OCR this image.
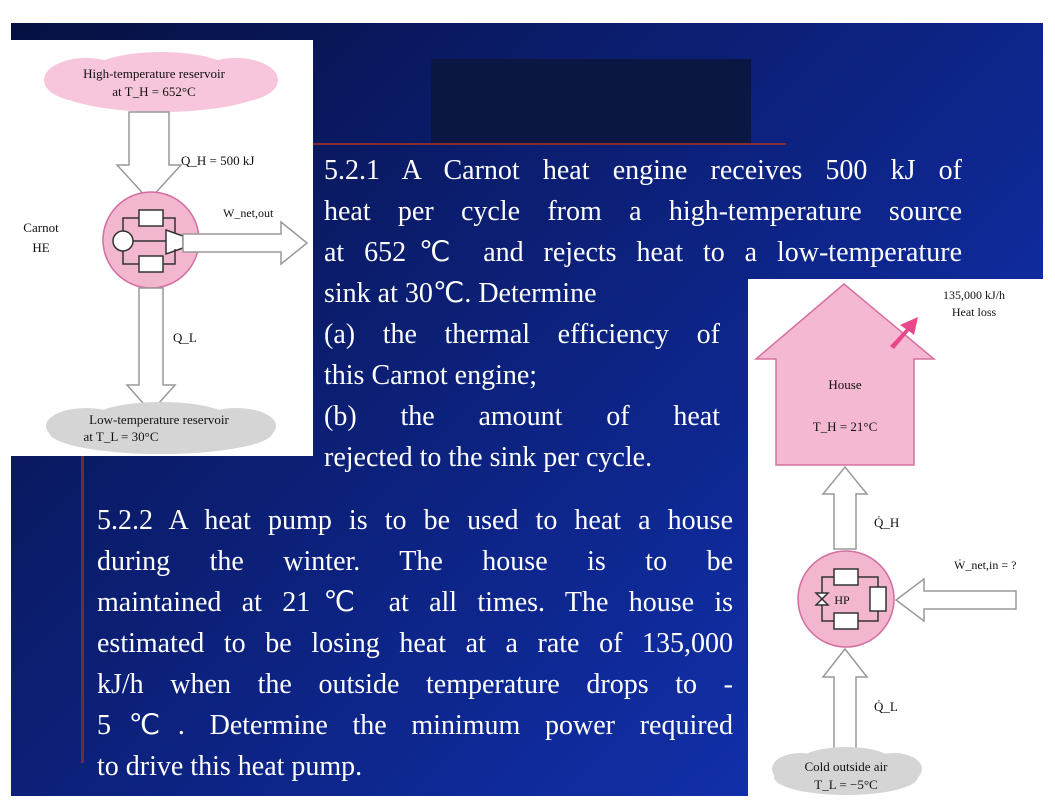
High-temperature reservoir
at T_H = 652°C
Q_H = 500 kJ
Carnot
HE
W_net,out
Q_L
Low-temperature reservoir
at T_L = 30°C
5.2.1 A Carnot heat engine receives 500 kJ of
heat per cycle from a high-temperature source
at 652℃ and rejects heat to a low-temperature
sink at 30℃. Determine
(a) the thermal efficiency of
this Carnot engine;
(b) the amount of heat
rejected to the sink per cycle.
5.2.2 A heat pump is to be used to heat a house
during the winter. The house is to be
maintained at 21℃ at all times. The house is
estimated to be losing heat at a rate of 135,000
kJ/h when the outside temperature drops to -
5℃. Determine the minimum power required
to drive this heat pump.
House
T_H = 21°C
135,000 kJ/h
Heat loss
Q̇_H
HP
Ẇ_net,in = ?
Q̇_L
Cold outside air
T_L = −5°C
